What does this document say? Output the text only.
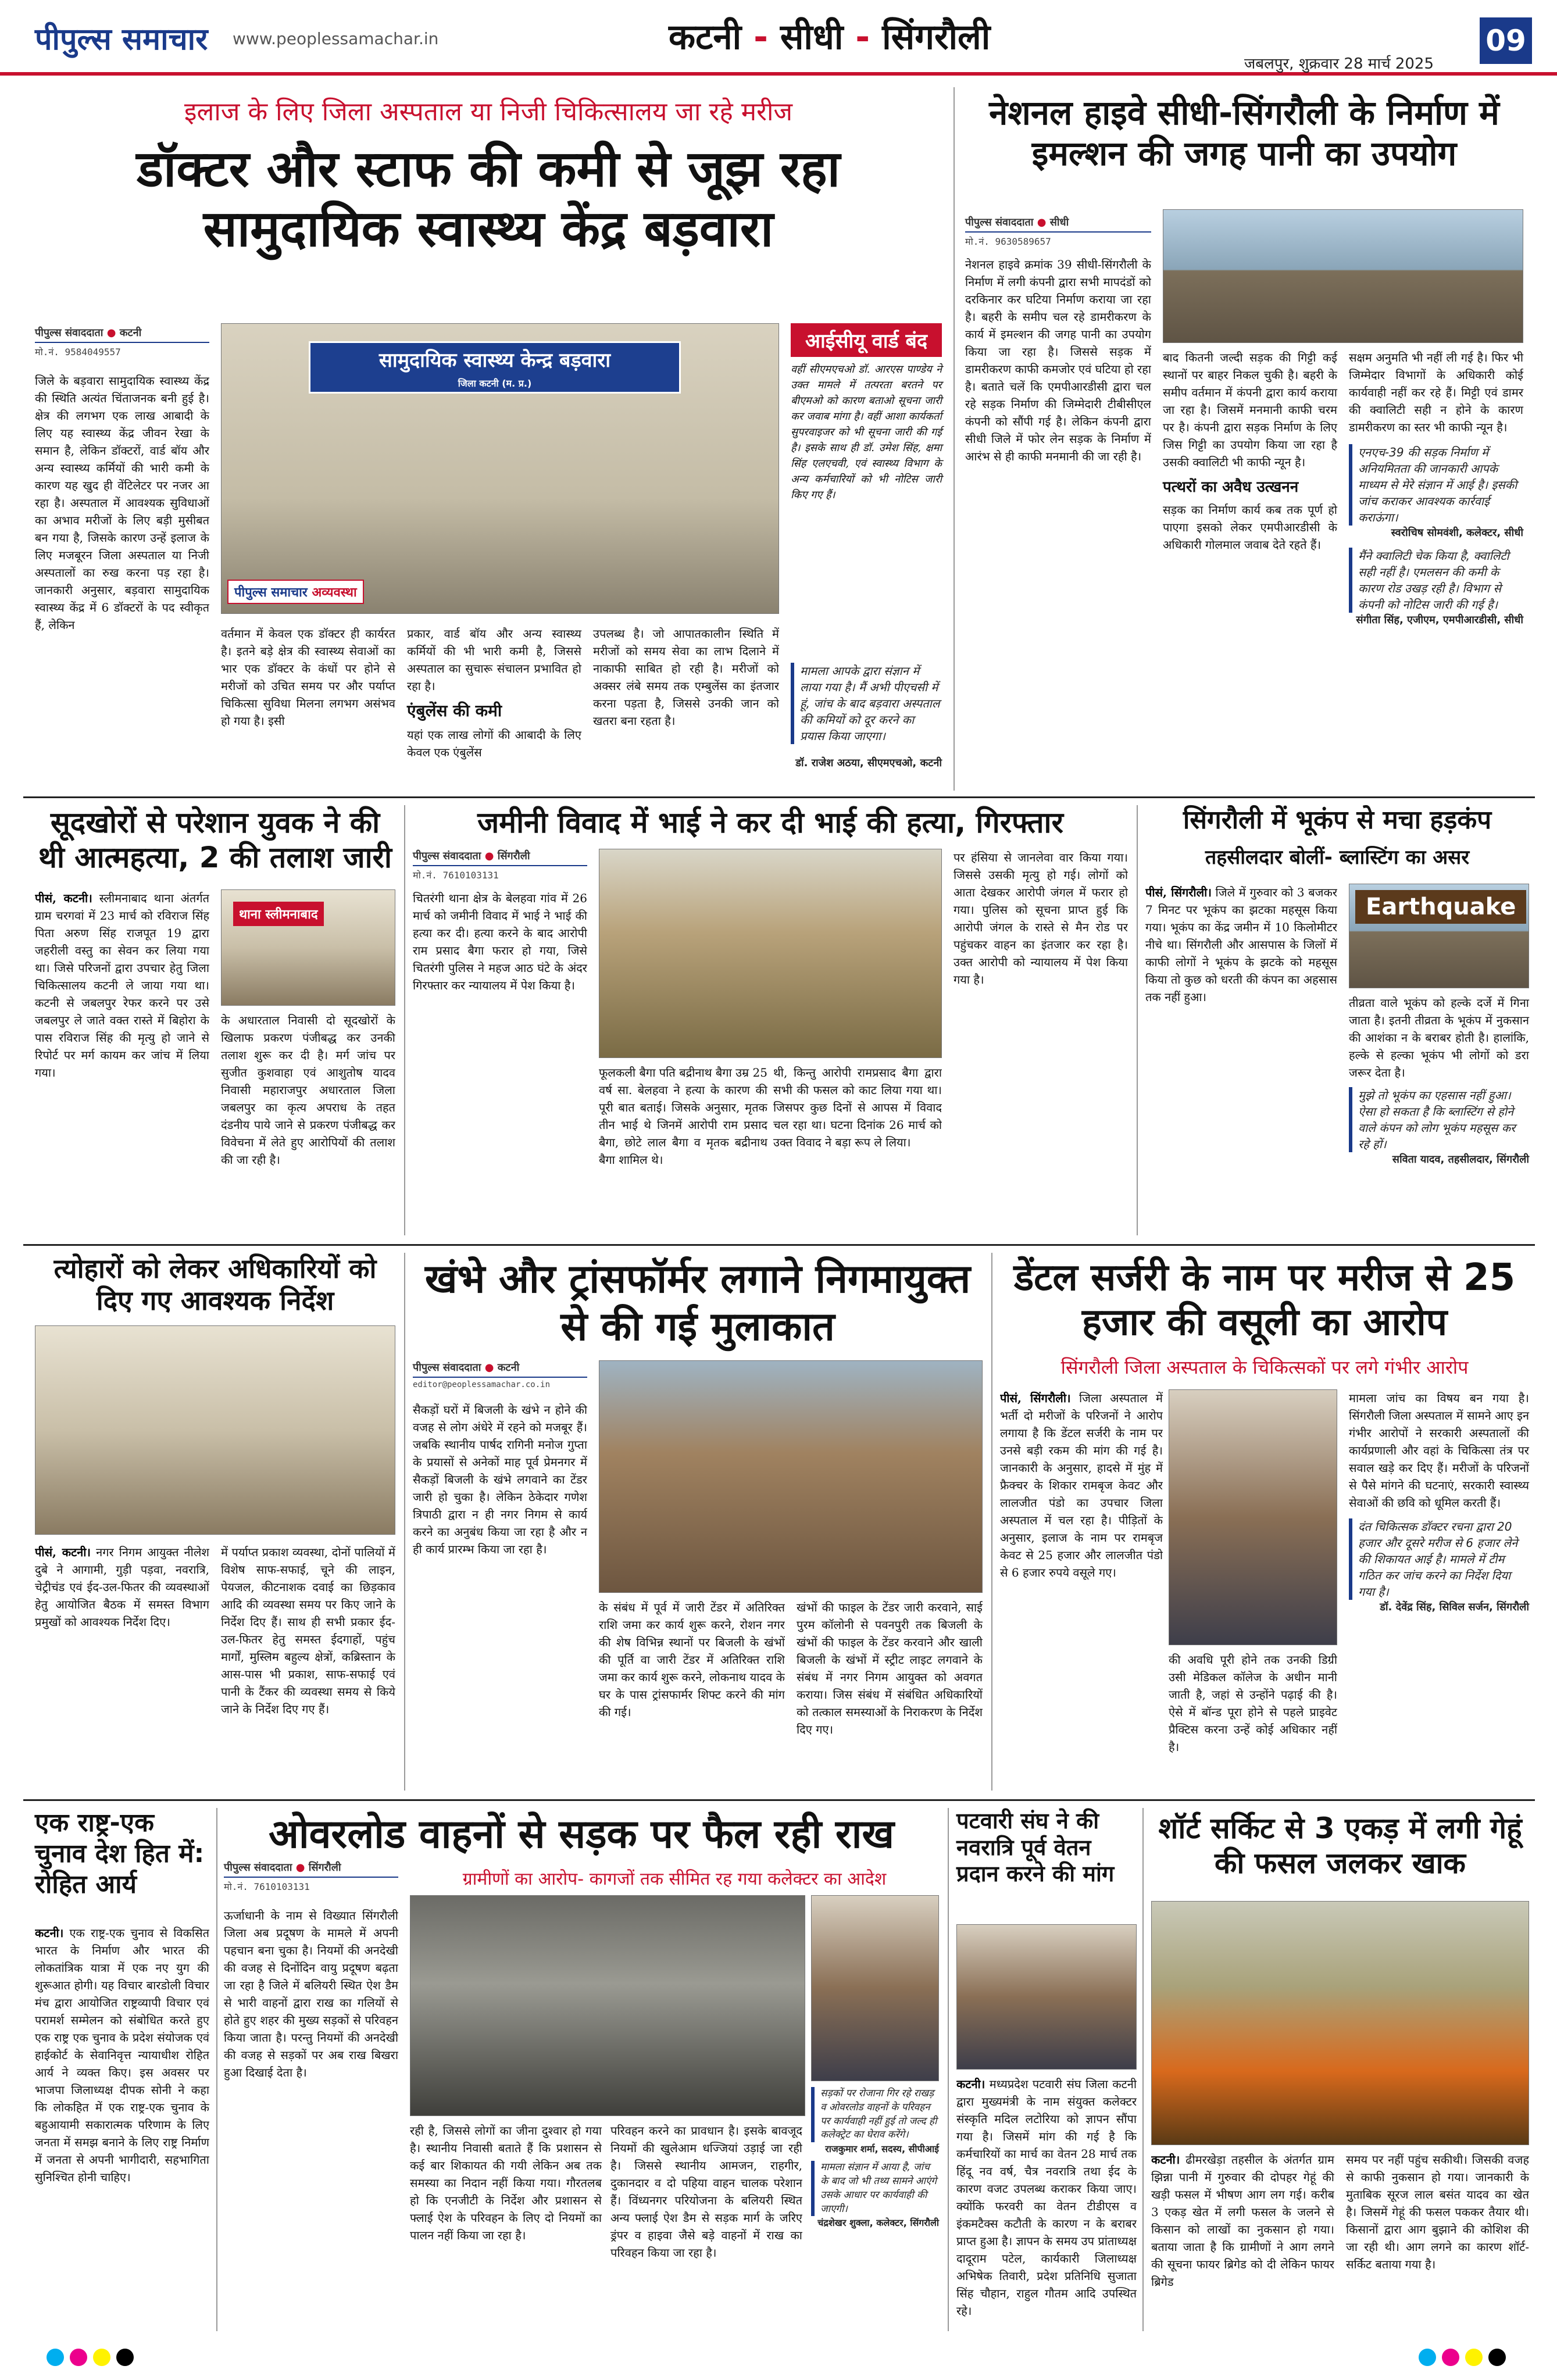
पीपुल्स समाचार www.peoplessamachar.in	कटनी - सीधी - सिंगरौली
जबलपुर, शुक्रवार 28 मार्च 2025
09
इलाज के लिए जिला अस्पताल या निजी चिकित्सालय जा रहे मरीज
डॉक्टर और स्टाफ की कमी से जूझ रहा सामुदायिक स्वास्थ्य केंद्र बड़वारा
पीपुल्स संवाददाता ● कटनी
मो.नं. 9584049557	सामुदायिक स्वास्थ्य केन्द्र बड़वारा
जिला कटनी (म. प्र.)
पीपुल्स समाचार अव्यवस्था
जिले के बड़वारा सामुदायिक स्वास्थ्य केंद्र की स्थिति अत्यंत चिंताजनक बनी हुई है। क्षेत्र की लगभग एक लाख आबादी के लिए यह स्वास्थ्य केंद्र जीवन रेखा के समान है, लेकिन डॉक्टरों, वार्ड बॉय और अन्य स्वास्थ्य कर्मियों की भारी कमी के कारण यह खुद ही वेंटिलेटर पर नजर आ रहा है। अस्पताल में आवश्यक सुविधाओं का अभाव मरीजों के लिए बड़ी मुसीबत बन गया है, जिसके कारण उन्हें इलाज के लिए मजबूरन जिला अस्पताल या निजी अस्पतालों का रुख करना पड़ रहा है। जानकारी अनुसार, बड़वारा सामुदायिक स्वास्थ्य केंद्र में 6 डॉक्टरों के पद स्वीकृत हैं, लेकिन
वर्तमान में केवल एक डॉक्टर ही कार्यरत है। इतने बड़े क्षेत्र की स्वास्थ्य सेवाओं का भार एक डॉक्टर के कंधों पर होने से मरीजों को उचित समय पर और पर्याप्त चिकित्सा सुविधा मिलना लगभग असंभव हो गया है। इसी
प्रकार, वार्ड बॉय और अन्य स्वास्थ्य कर्मियों की भी भारी कमी है, जिससे अस्पताल का सुचारू संचालन प्रभावित हो रहा है।
एंबुलेंस की कमी
यहां एक लाख लोगों की आबादी के लिए केवल एक एंबुलेंस
उपलब्ध है। जो आपातकालीन स्थिति में मरीजों को समय सेवा का लाभ दिलाने में नाकाफी साबित हो रही है। मरीजों को अक्सर लंबे समय तक एम्बुलेंस का इंतजार करना पड़ता है, जिससे उनकी जान को खतरा बना रहता है।
आईसीयू वार्ड बंद
वहीं सीएमएचओ डॉ. आरएस पाण्डेय ने उक्त मामले में तत्परता बरतने पर बीएमओ को कारण बताओ सूचना जारी कर जवाब मांगा है। वहीं आशा कार्यकर्ता सुपरवाइजर को भी सूचना जारी की गई है। इसके साथ ही डॉ. उमेश सिंह, क्षमा सिंह एलएचवी, एवं स्वास्थ्य विभाग के अन्य कर्मचारियों को भी नोटिस जारी किए गए हैं।
मामला आपके द्वारा संज्ञान में लाया गया है। मैं अभी पीएचसी में हूं, जांच के बाद बड़वारा अस्पताल की कमियों को दूर करने का प्रयास किया जाएगा।
डॉ. राजेश अठया, सीएमएचओ, कटनी
नेशनल हाइवे सीधी-सिंगरौली के निर्माण में इमल्शन की जगह पानी का उपयोग
पीपुल्स संवाददाता ● सीधी
मो.नं. 9630589657
नेशनल हाइवे क्रमांक 39 सीधी-सिंगरौली के निर्माण में लगी कंपनी द्वारा सभी मापदंडों को दरकिनार कर घटिया निर्माण कराया जा रहा है। बहरी के समीप चल रहे डामरीकरण के कार्य में इमल्शन की जगह पानी का उपयोग किया जा रहा है। जिससे सड़क में डामरीकरण काफी कमजोर एवं घटिया हो रहा है। बताते चलें कि एमपीआरडीसी द्वारा चल रहे सड़क निर्माण की जिम्मेदारी टीबीसीएल कंपनी को सौंपी गई है। लेकिन कंपनी द्वारा सीधी जिले में फोर लेन सड़क के निर्माण में आरंभ से ही काफी मनमानी की जा रही है।
बाद कितनी जल्दी सड़क की गिट्टी कई स्थानों पर बाहर निकल चुकी है। बहरी के समीप वर्तमान में कंपनी द्वारा कार्य कराया जा रहा है। जिसमें मनमानी काफी चरम पर है। कंपनी द्वारा सड़क निर्माण के लिए जिस गिट्टी का उपयोग किया जा रहा है उसकी क्वालिटी भी काफी न्यून है।
पत्थरों का अवैध उत्खनन
सड़क का निर्माण कार्य कब तक पूर्ण हो पाएगा इसको लेकर एमपीआरडीसी के अधिकारी गोलमाल जवाब देते रहते हैं।
सक्षम अनुमति भी नहीं ली गई है। फिर भी जिम्मेदार विभागों के अधिकारी कोई कार्यवाही नहीं कर रहे हैं। मिट्टी एवं डामर की क्वालिटी सही न होने के कारण डामरीकरण का स्तर भी काफी न्यून है।
एनएच-39 की सड़क निर्माण में अनियमितता की जानकारी आपके माध्यम से मेरे संज्ञान में आई है। इसकी जांच कराकर आवश्यक कार्रवाई कराऊंगा।
स्वरोचिष सोमवंशी, कलेक्टर, सीधी
मैंने क्वालिटी चेक किया है, क्वालिटी सही नहीं है। एमलसन की कमी के कारण रोड उखड़ रही है। विभाग से कंपनी को नोटिस जारी की गई है।
संगीता सिंह, एजीएम, एमपीआरडीसी, सीधी
सूदखोरों से परेशान युवक ने की थी आत्महत्या, 2 की तलाश जारी
थाना स्लीमनाबाद
पीसं, कटनी। स्लीमनाबाद थाना अंतर्गत ग्राम चरगवां में 23 मार्च को रविराज सिंह पिता अरुण सिंह राजपूत 19 द्वारा जहरीली वस्तु का सेवन कर लिया गया था। जिसे परिजनों द्वारा उपचार हेतु जिला चिकित्सालय कटनी ले जाया गया था। कटनी से जबलपुर रेफर करने पर उसे जबलपुर ले जाते वक्त रास्ते में बिहोरा के पास रविराज सिंह की मृत्यु हो जाने से रिपोर्ट पर मर्ग कायम कर जांच में लिया गया।
के अधारताल निवासी दो सूदखोरों के खिलाफ प्रकरण पंजीबद्ध कर उनकी तलाश शुरू कर दी है। मर्ग जांच पर सुजीत कुशवाहा एवं आशुतोष यादव निवासी महाराजपुर अधारताल जिला जबलपुर का कृत्य अपराध के तहत दंडनीय पाये जाने से प्रकरण पंजीबद्ध कर विवेचना में लेते हुए आरोपियों की तलाश की जा रही है।
जमीनी विवाद में भाई ने कर दी भाई की हत्या, गिरफ्तार
पीपुल्स संवाददाता ● सिंगरौली
मो.नं. 7610103131
चितरंगी थाना क्षेत्र के बेलहवा गांव में 26 मार्च को जमीनी विवाद में भाई ने भाई की हत्या कर दी। हत्या करने के बाद आरोपी राम प्रसाद बैगा फरार हो गया, जिसे चितरंगी पुलिस ने महज आठ घंटे के अंदर गिरफ्तार कर न्यायालय में पेश किया है।
फूलकली बैगा पति बद्रीनाथ बैगा उम्र 25 वर्ष सा. बेलहवा ने हत्या के कारण की पूरी बात बताई। जिसके अनुसार, मृतक तीन भाई थे जिनमें आरोपी राम प्रसाद बैगा, छोटे लाल बैगा व मृतक बद्रीनाथ बैगा शामिल थे।
थी, किन्तु आरोपी रामप्रसाद बैगा द्वारा सभी की फसल को काट लिया गया था। जिसपर कुछ दिनों से आपस में विवाद चल रहा था। घटना दिनांक 26 मार्च को उक्त विवाद ने बड़ा रूप ले लिया।
पर हंसिया से जानलेवा वार किया गया। जिससे उसकी मृत्यु हो गई। लोगों को आता देखकर आरोपी जंगल में फरार हो गया। पुलिस को सूचना प्राप्त हुई कि आरोपी जंगल के रास्ते से मैन रोड पर पहुंचकर वाहन का इंतजार कर रहा है। उक्त आरोपी को न्यायालय में पेश किया गया है।
सिंगरौली में भूकंप से मचा हड़कंप
तहसीलदार बोलीं- ब्लास्टिंग का असर
Earthquake
पीसं, सिंगरौली। जिले में गुरुवार को 3 बजकर 7 मिनट पर भूकंप का झटका महसूस किया गया। भूकंप का केंद्र जमीन में 10 किलोमीटर नीचे था। सिंगरौली और आसपास के जिलों में काफी लोगों ने भूकंप के झटके को महसूस किया तो कुछ को धरती की कंपन का अहसास तक नहीं हुआ।	तीव्रता वाले भूकंप को हल्के दर्जे में गिना जाता है। इतनी तीव्रता के भूकंप में नुकसान की आशंका न के बराबर होती है। हालांकि, हल्के से हल्का भूकंप भी लोगों को डरा जरूर देता है।
मुझे तो भूकंप का एहसास नहीं हुआ। ऐसा हो सकता है कि ब्लास्टिंग से होने वाले कंपन को लोग भूकंप महसूस कर रहे हों।
सविता यादव, तहसीलदार, सिंगरौली
त्योहारों को लेकर अधिकारियों को दिए गए आवश्यक निर्देश
पीसं, कटनी। नगर निगम आयुक्त नीलेश दुबे ने आगामी, गुड़ी पड़वा, नवरात्रि, चेट्रीचंड एवं ईद-उल-फितर की व्यवस्थाओं हेतु आयोजित बैठक में समस्त विभाग प्रमुखों को आवश्यक निर्देश दिए।
में पर्याप्त प्रकाश व्यवस्था, दोनों पालियों में विशेष साफ-सफाई, चूने की लाइन, पेयजल, कीटनाशक दवाई का छिड़काव आदि की व्यवस्था समय पर किए जाने के निर्देश दिए हैं। साथ ही सभी प्रकार ईद-उल-फितर हेतु समस्त ईदगाहों, पहुंच मार्गों, मुस्लिम बहुल्य क्षेत्रों, कब्रिस्तान के आस-पास भी प्रकाश, साफ-सफाई एवं पानी के टैंकर की व्यवस्था समय से किये जाने के निर्देश दिए गए हैं।
खंभे और ट्रांसफॉर्मर लगाने निगमायुक्त से की गई मुलाकात
पीपुल्स संवाददाता ● कटनी
editor@peoplessamachar.co.in
सैकड़ों घरों में बिजली के खंभे न होने की वजह से लोग अंधेरे में रहने को मजबूर हैं। जबकि स्थानीय पार्षद रागिनी मनोज गुप्ता के प्रयासों से अनेकों माह पूर्व प्रेमनगर में सैकड़ों बिजली के खंभे लगवाने का टेंडर जारी हो चुका है। लेकिन ठेकेदार गणेश त्रिपाठी द्वारा न ही नगर निगम से कार्य करने का अनुबंध किया जा रहा है और न ही कार्य प्रारम्भ किया जा रहा है।
के संबंध में पूर्व में जारी टेंडर में अतिरिक्त राशि जमा कर कार्य शुरू करने, रोशन नगर की शेष विभिन्न स्थानों पर बिजली के खंभों की पूर्ति वा जारी टेंडर में अतिरिक्त राशि जमा कर कार्य शुरू करने, लोकनाथ यादव के घर के पास ट्रांसफार्मर शिफ्ट करने की मांग की गई।
खंभों की फाइल के टेंडर जारी करवाने, साई पुरम कॉलोनी से पवनपुरी तक बिजली के खंभों की फाइल के टेंडर करवाने और खाली बिजली के खंभों में स्ट्रीट लाइट लगवाने के संबंध में नगर निगम आयुक्त को अवगत कराया। जिस संबंध में संबंधित अधिकारियों को तत्काल समस्याओं के निराकरण के निर्देश दिए गए।
डेंटल सर्जरी के नाम पर मरीज से 25 हजार की वसूली का आरोप
सिंगरौली जिला अस्पताल के चिकित्सकों पर लगे गंभीर आरोप
पीसं, सिंगरौली। जिला अस्पताल में भर्ती दो मरीजों के परिजनों ने आरोप लगाया है कि डेंटल सर्जरी के नाम पर उनसे बड़ी रकम की मांग की गई है। जानकारी के अनुसार, हादसे में मुंह में फ्रैक्चर के शिकार रामबृज केवट और लालजीत पंडो का उपचार जिला अस्पताल में चल रहा है। पीड़ितों के अनुसार, इलाज के नाम पर रामबृज केवट से 25 हजार और लालजीत पंडो से 6 हजार रुपये वसूले गए।
की अवधि पूरी होने तक उनकी डिग्री उसी मेडिकल कॉलेज के अधीन मानी जाती है, जहां से उन्होंने पढ़ाई की है। ऐसे में बॉन्ड पूरा होने से पहले प्राइवेट प्रैक्टिस करना उन्हें कोई अधिकार नहीं है।
मामला जांच का विषय बन गया है। सिंगरौली जिला अस्पताल में सामने आए इन गंभीर आरोपों ने सरकारी अस्पतालों की कार्यप्रणाली और वहां के चिकित्सा तंत्र पर सवाल खड़े कर दिए हैं। मरीजों के परिजनों से पैसे मांगने की घटनाएं, सरकारी स्वास्थ्य सेवाओं की छवि को धूमिल करती हैं।
दंत चिकित्सक डॉक्टर रचना द्वारा 20 हजार और दूसरे मरीज से 6 हजार लेने की शिकायत आई है। मामले में टीम गठित कर जांच करने का निर्देश दिया गया है।
डॉ. देवेंद्र सिंह, सिविल सर्जन, सिंगरौली
एक राष्ट्र-एक चुनाव देश हित में: रोहित आर्य
कटनी। एक राष्ट्र-एक चुनाव से विकसित भारत के निर्माण और भारत की लोकतांत्रिक यात्रा में एक नए युग की शुरूआत होगी। यह विचार बारडोली विचार मंच द्वारा आयोजित राष्ट्रव्यापी विचार एवं परामर्श सम्मेलन को संबोधित करते हुए एक राष्ट्र एक चुनाव के प्रदेश संयोजक एवं हाईकोर्ट के सेवानिवृत्त न्यायाधीश रोहित आर्य ने व्यक्त किए। इस अवसर पर भाजपा जिलाध्यक्ष दीपक सोनी ने कहा कि लोकहित में एक राष्ट्र-एक चुनाव के बहुआयामी सकारात्मक परिणाम के लिए जनता में समझ बनाने के लिए राष्ट्र निर्माण में जनता से अपनी भागीदारी, सहभागिता सुनिश्चित होनी चाहिए।
ओवरलोड वाहनों से सड़क पर फैल रही राख
पीपुल्स संवाददाता ● सिंगरौली
मो.नं. 7610103131	ग्रामीणों का आरोप- कागजों तक सीमित रह गया कलेक्टर का आदेश
ऊर्जाधानी के नाम से विख्यात सिंगरौली जिला अब प्रदूषण के मामले में अपनी पहचान बना चुका है। नियमों की अनदेखी की वजह से दिनोंदिन वायु प्रदूषण बढ़ता जा रहा है जिले में बलियरी स्थित ऐश डैम से भारी वाहनों द्वारा राख का गलियों से होते हुए शहर की मुख्य सड़कों से परिवहन किया जाता है। परन्तु नियमों की अनदेखी की वजह से सड़कों पर अब राख बिखरा हुआ दिखाई देता है।
रही है, जिससे लोगों का जीना दुश्वार हो गया है। स्थानीय निवासी बताते हैं कि प्रशासन से कई बार शिकायत की गयी लेकिन अब तक समस्या का निदान नहीं किया गया। गौरतलब हो कि एनजीटी के निर्देश और प्रशासन से फ्लाई ऐश के परिवहन के लिए दो नियमों का पालन नहीं किया जा रहा है।
परिवहन करने का प्रावधान है। इसके बावजूद नियमों की खुलेआम धज्जियां उड़ाई जा रही है। जिससे स्थानीय आमजन, राहगीर, दुकानदार व दो पहिया वाहन चालक परेशान हैं। विंध्यनगर परियोजना के बलियरी स्थित अन्य फ्लाई ऐश डैम से सड़क मार्ग के जरिए ड्रंपर व हाइवा जैसे बड़े वाहनों में राख का परिवहन किया जा रहा है।
सड़कों पर रोजाना गिर रहे राखड़ व ओवरलोड वाहनों के परिवहन पर कार्यवाही नहीं हुई तो जल्द ही कलेक्ट्रेट का घेराव करेंगे।
राजकुमार शर्मा, सदस्य, सीपीआई
मामला संज्ञान में आया है, जांच के बाद जो भी तथ्य सामने आएंगे उसके आधार पर कार्यवाही की जाएगी।
चंद्रशेखर शुक्ला, कलेक्टर, सिंगरौली
पटवारी संघ ने की नवरात्रि पूर्व वेतन प्रदान करने की मांग
कटनी। मध्यप्रदेश पटवारी संघ जिला कटनी द्वारा मुख्यमंत्री के नाम संयुक्त कलेक्टर संस्कृति मदिल लटोरिया को ज्ञापन सौंपा गया है। जिसमें मांग की गई है कि कर्मचारियों का मार्च का वेतन 28 मार्च तक हिंदू नव वर्ष, चैत्र नवरात्रि तथा ईद के कारण वजट उपलब्ध कराकर किया जाए। क्योंकि फरवरी का वेतन टीडीएस व इंकमटैक्स कटौती के कारण न के बराबर प्राप्त हुआ है। ज्ञापन के समय उप प्रांताध्यक्ष दादूराम पटेल, कार्यकारी जिलाध्यक्ष अभिषेक तिवारी, प्रदेश प्रतिनिधि सुजाता सिंह चौहान, राहुल गौतम आदि उपस्थित रहे।
शॉर्ट सर्किट से 3 एकड़ में लगी गेहूं की फसल जलकर खाक
कटनी। ढीमरखेड़ा तहसील के अंतर्गत ग्राम झिन्ना पानी में गुरुवार की दोपहर गेहूं की खड़ी फसल में भीषण आग लग गई। करीब 3 एकड़ खेत में लगी फसल के जलने से किसान को लाखों का नुकसान हो गया। बताया जाता है कि ग्रामीणों ने आग लगने की सूचना फायर ब्रिगेड को दी लेकिन फायर ब्रिगेड
समय पर नहीं पहुंच सकीथी। जिसकी वजह से काफी नुकसान हो गया। जानकारी के मुताबिक सूरज लाल बसंत यादव का खेत है। जिसमें गेहूं की फसल पककर तैयार थी। किसानों द्वारा आग बुझाने की कोशिश की जा रही थी। आग लगने का कारण शॉर्ट-सर्किट बताया गया है।
